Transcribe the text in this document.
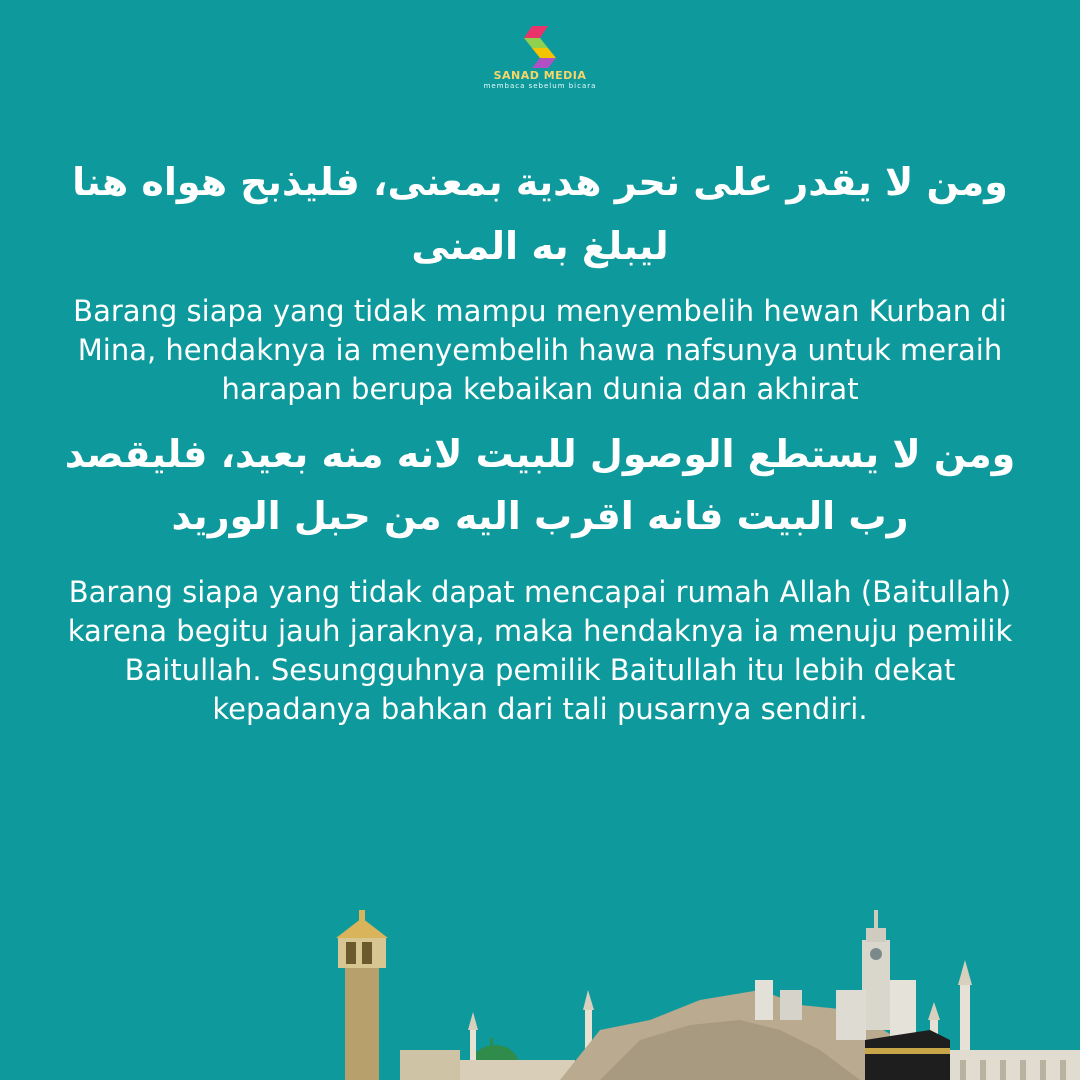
SANAD MEDIA
membaca sebelum bicara

ومن لا يقدر على نحر هدية بمعنى، فليذبح هواه هنا ليبلغ به المنى

Barang siapa yang tidak mampu menyembelih hewan Kurban di Mina, hendaknya ia menyembelih hawa nafsunya untuk meraih harapan berupa kebaikan dunia dan akhirat

ومن لا يستطع الوصول للبيت لانه منه بعيد، فليقصد رب البيت فانه اقرب اليه من حبل الوريد

Barang siapa yang tidak dapat mencapai rumah Allah (Baitullah) karena begitu jauh jaraknya, maka hendaknya ia menuju pemilik Baitullah. Sesungguhnya pemilik Baitullah itu lebih dekat kepadanya bahkan dari tali pusarnya sendiri.
